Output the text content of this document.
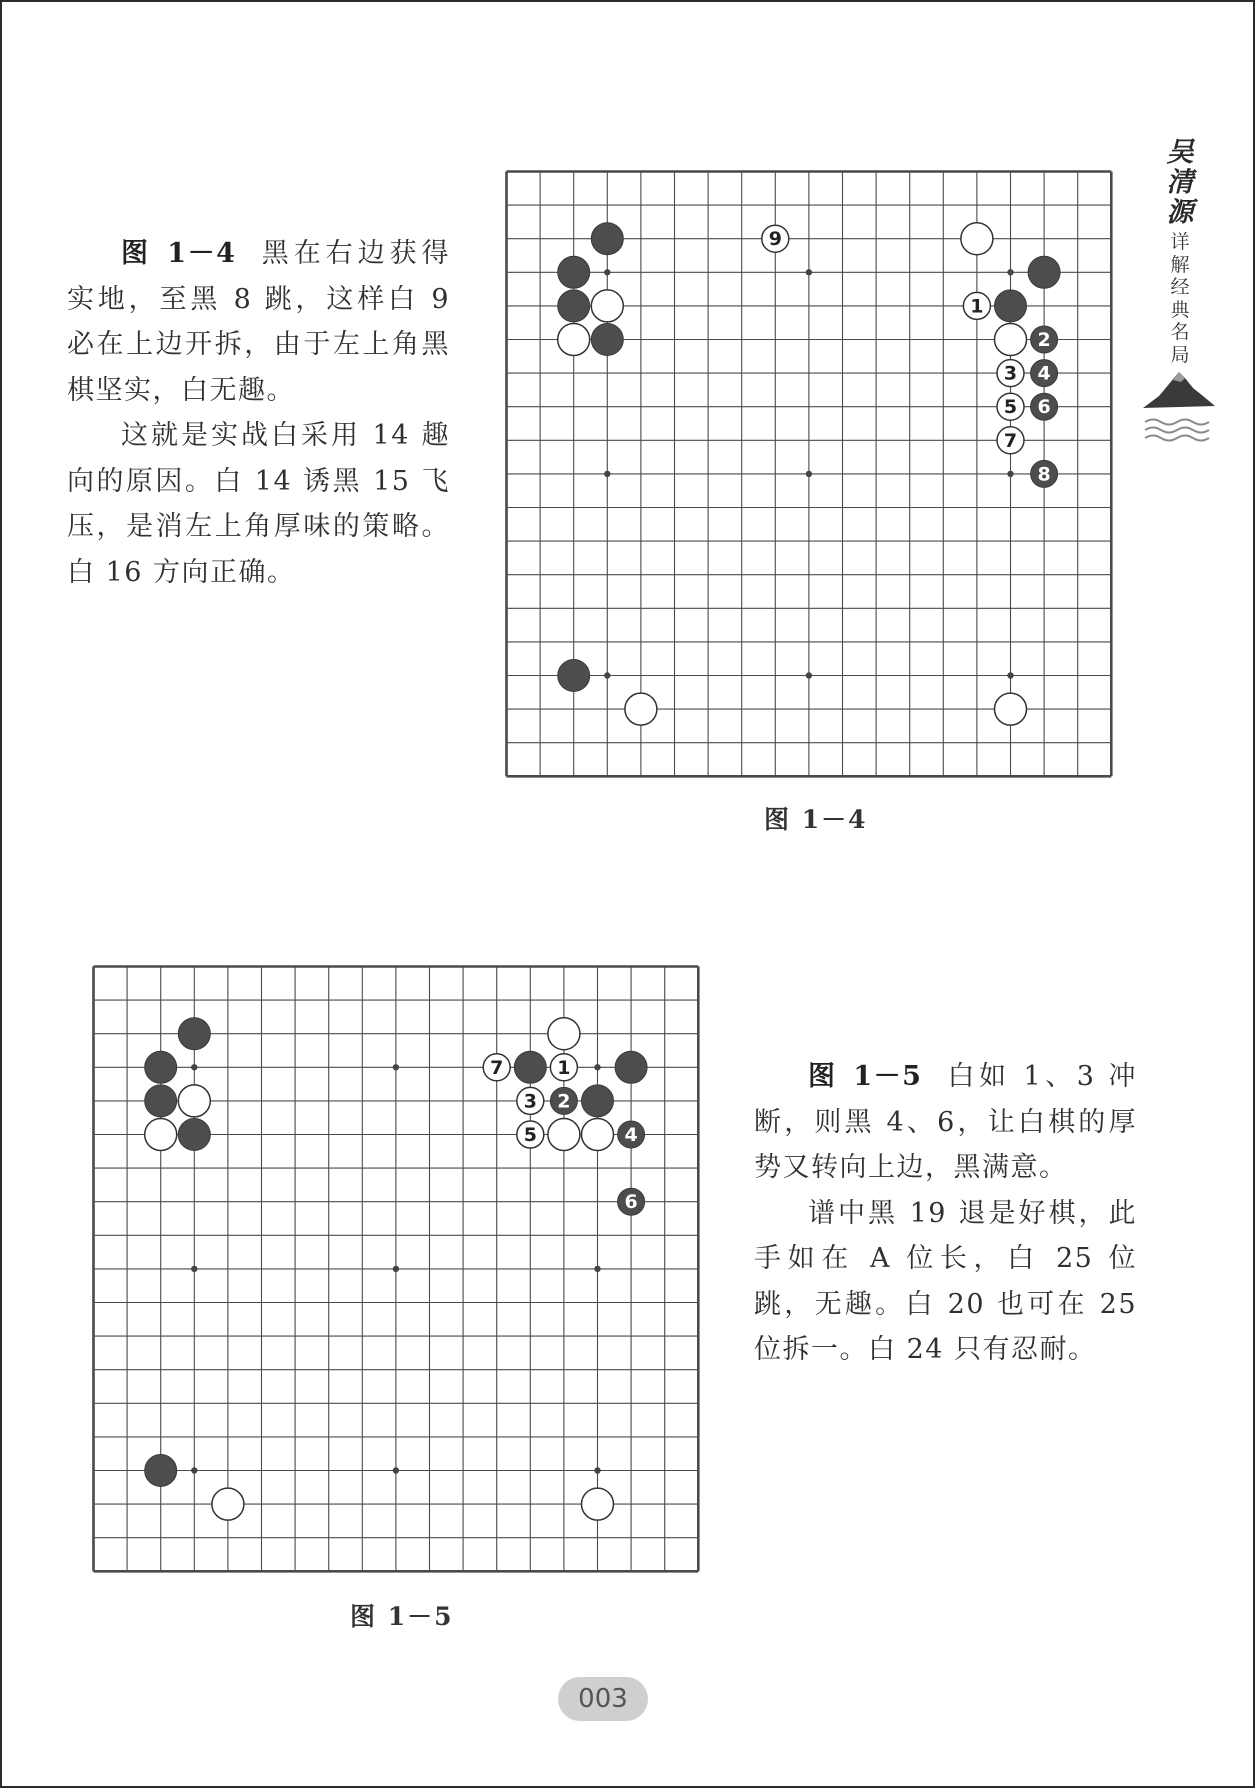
图 1－4 黑在右边获得实地，至黑 8 跳，这样白 9 必在上边开拆，由于左上角黑棋坚实，白无趣。

这就是实战白采用 14 趣向的原因。白 14 诱黑 15 飞压，是消左上角厚味的策略。白 16 方向正确。

9
1
2
3 4
5 6
7
8
图 1－4
吴清源
详解经典名局
7	1
3 2
5	4
6
图 1－5

图 1－5 白如 1、3 冲断，则黑 4、6，让白棋的厚势又转向上边，黑满意。

谱中黑 19 退是好棋，此手如在 A 位长，白 25 位跳，无趣。白 20 也可在 25 位拆一。白 24 只有忍耐。

003
